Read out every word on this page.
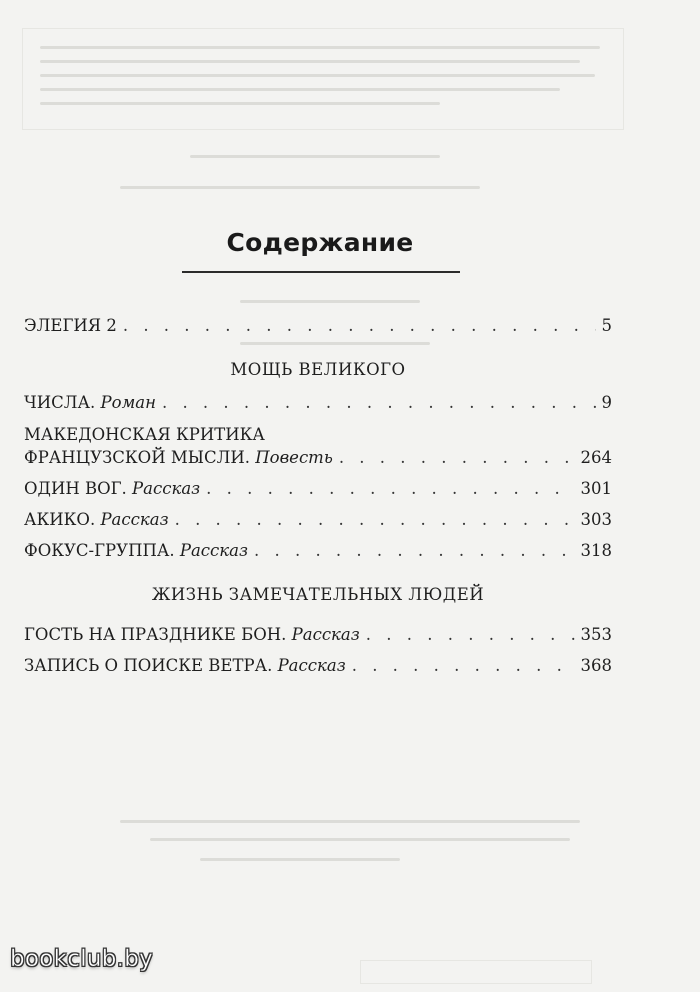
Содержание
ЭЛЕГИЯ 2 . . .	5
МОЩЬ ВЕЛИКОГО
ЧИСЛА. Роман . . .	9
МАКЕДОНСКАЯ КРИТИКА
ФРАНЦУЗСКОЙ МЫСЛИ. Повесть . . .	264
ОДИН ВОГ. Рассказ . . .	301
АКИКО. Рассказ . . .	303
ФОКУС-ГРУППА. Рассказ . . .	318
ЖИЗНЬ ЗАМЕЧАТЕЛЬНЫХ ЛЮДЕЙ
ГОСТЬ НА ПРАЗДНИКЕ БОН. Рассказ . . .	353
ЗАПИСЬ О ПОИСКЕ ВЕТРА. Рассказ . . .	368
bookclub.by
